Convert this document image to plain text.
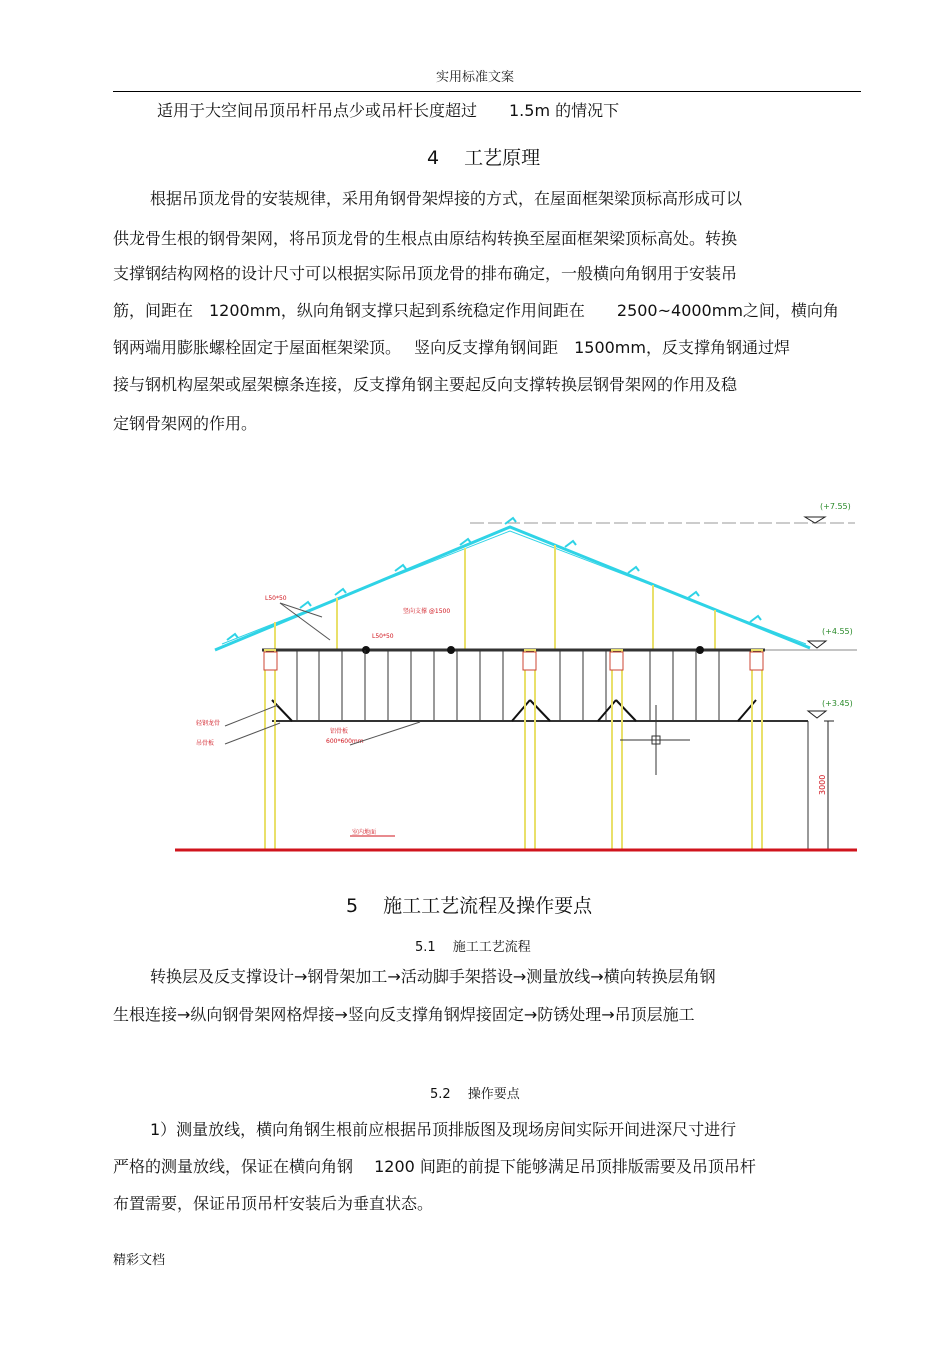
实用标准文案
适用于大空间吊顶吊杆吊点少或吊杆长度超过　　1.5m 的情况下
4　 工艺原理
根据吊顶龙骨的安装规律，采用角钢骨架焊接的方式，在屋面框架梁顶标高形成可以
供龙骨生根的钢骨架网，将吊顶龙骨的生根点由原结构转换至屋面框架梁顶标高处。转换
支撑钢结构网格的设计尺寸可以根据实际吊顶龙骨的排布确定，一般横向角钢用于安装吊
筋，间距在　1200mm，纵向角钢支撑只起到系统稳定作用间距在　　2500~4000mm之间，横向角
钢两端用膨胀螺栓固定于屋面框架梁顶。　 竖向反支撑角钢间距　1500mm，反支撑角钢通过焊
接与钢机构屋架或屋架檩条连接，反支撑角钢主要起反向支撑转换层钢骨架网的作用及稳
定钢骨架网的作用。
(+7.55)
(+4.55)
(+3.45)
3000
L50*50
竖向支撑 @1500
L50*50
轻钢龙骨
吊骨板
铝骨板
600*600mm
室内地面
5　 施工工艺流程及操作要点
5.1　 施工工艺流程
转换层及反支撑设计→钢骨架加工→活动脚手架搭设→测量放线→横向转换层角钢
生根连接→纵向钢骨架网格焊接→竖向反支撑角钢焊接固定→防锈处理→吊顶层施工
5.2　 操作要点
1）测量放线，横向角钢生根前应根据吊顶排版图及现场房间实际开间进深尺寸进行
严格的测量放线，保证在横向角钢　 1200 间距的前提下能够满足吊顶排版需要及吊顶吊杆
布置需要，保证吊顶吊杆安装后为垂直状态。
精彩文档
